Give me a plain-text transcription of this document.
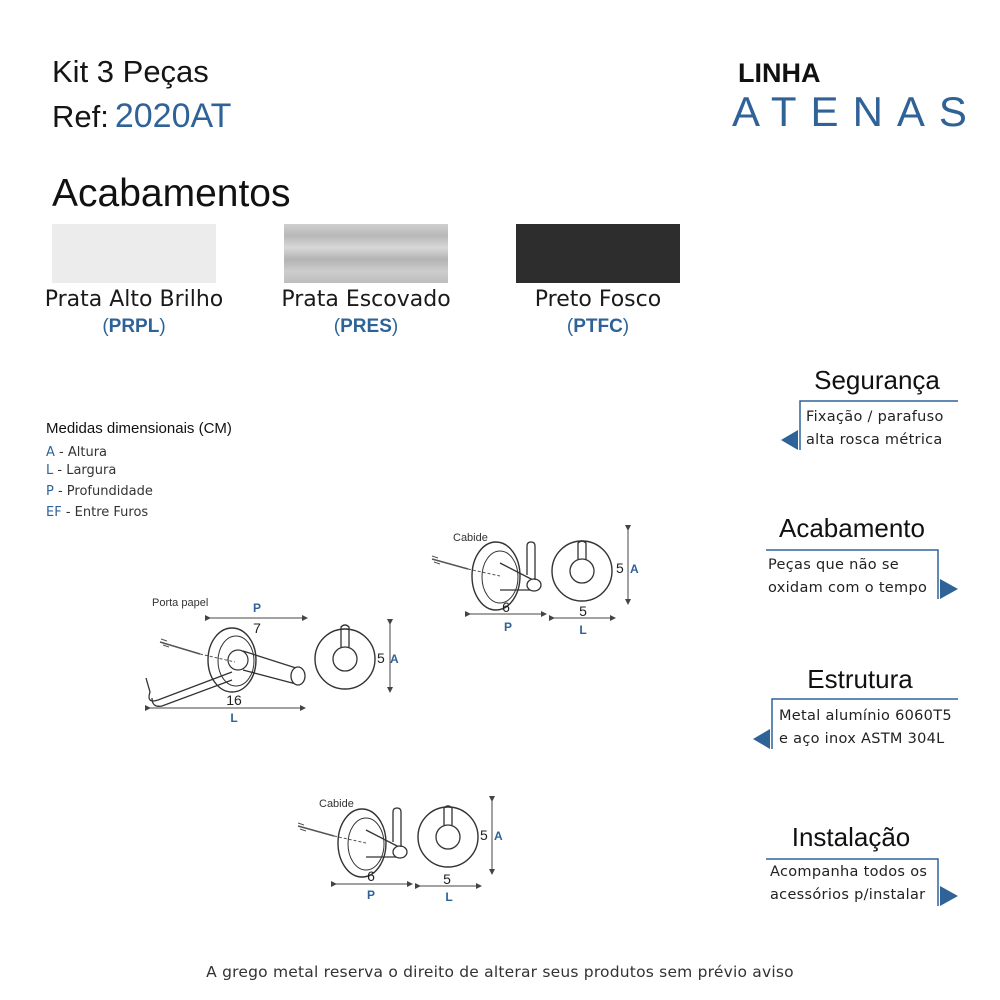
Kit 3 Peças
Ref: 2020AT
LINHA
ATENAS
Acabamentos
Prata Alto Brilho
(PRPL)
Prata Escovado
(PRES)
Preto Fosco
(PTFC)
Medidas dimensionais (CM)
A - Altura
L - Largura
P - Profundidade
EF - Entre Furos
Cabide
6
P
5
L
5 A
Porta papel	P
7
16
L
5 A
Cabide
6
P
5
L
5 A
Segurança
Fixação / parafuso
alta rosca métrica
Acabamento
Peças que não se
oxidam com o tempo
Estrutura
Metal alumínio 6060T5
e aço inox ASTM 304L
Instalação
Acompanha todos os
acessórios p/instalar
A grego metal reserva o direito de alterar seus produtos sem prévio aviso
